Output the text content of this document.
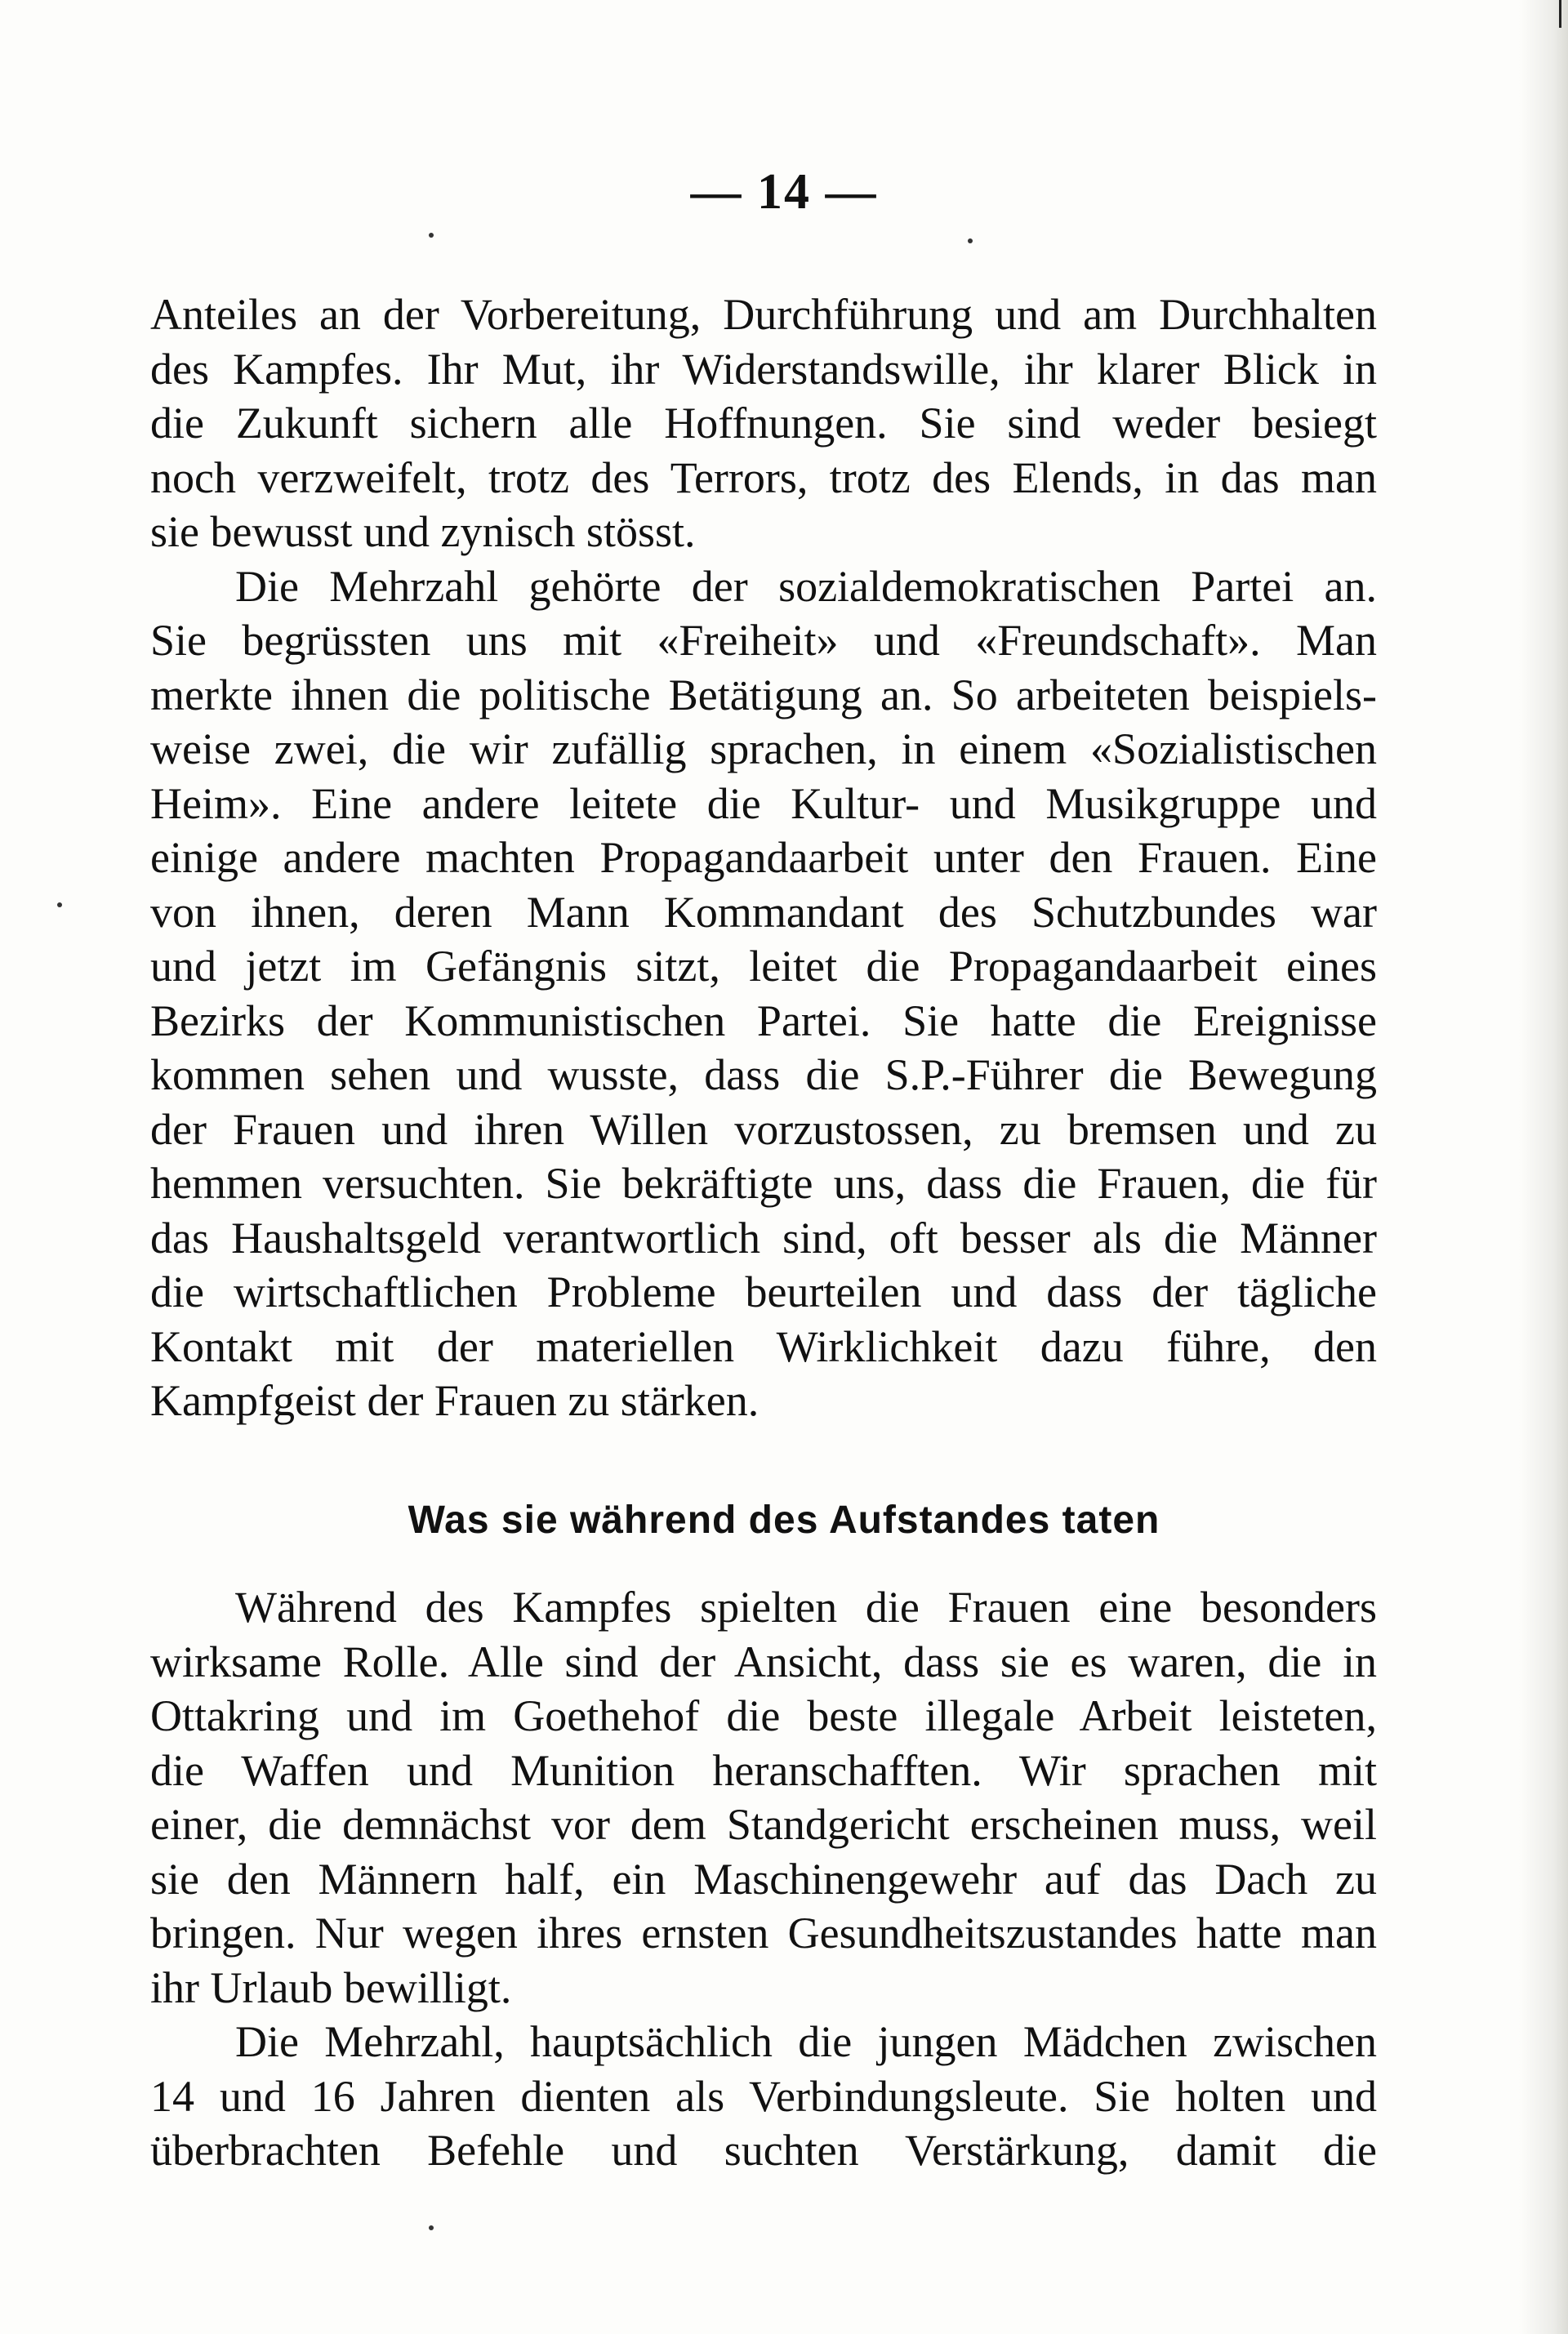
— 14 —

Anteiles an der Vorbereitung, Durchführung und am Durchhalten
des Kampfes. Ihr Mut, ihr Widerstandswille, ihr klarer Blick in
die Zukunft sichern alle Hoffnungen. Sie sind weder besiegt
noch verzweifelt, trotz des Terrors, trotz des Elends, in das man
sie bewusst und zynisch stösst.

Die Mehrzahl gehörte der sozialdemokratischen Partei an.
Sie begrüssten uns mit «Freiheit» und «Freundschaft». Man
merkte ihnen die politische Betätigung an. So arbeiteten beispiels-
weise zwei, die wir zufällig sprachen, in einem «Sozialistischen
Heim». Eine andere leitete die Kultur- und Musikgruppe und
einige andere machten Propagandaarbeit unter den Frauen. Eine
von ihnen, deren Mann Kommandant des Schutzbundes war
und jetzt im Gefängnis sitzt, leitet die Propagandaarbeit eines
Bezirks der Kommunistischen Partei. Sie hatte die Ereignisse
kommen sehen und wusste, dass die S.P.-Führer die Bewegung
der Frauen und ihren Willen vorzustossen, zu bremsen und zu
hemmen versuchten. Sie bekräftigte uns, dass die Frauen, die für
das Haushaltsgeld verantwortlich sind, oft besser als die Männer
die wirtschaftlichen Probleme beurteilen und dass der tägliche
Kontakt mit der materiellen Wirklichkeit dazu führe, den
Kampfgeist der Frauen zu stärken.

Was sie während des Aufstandes taten

Während des Kampfes spielten die Frauen eine besonders
wirksame Rolle. Alle sind der Ansicht, dass sie es waren, die in
Ottakring und im Goethehof die beste illegale Arbeit leisteten,
die Waffen und Munition heranschafften. Wir sprachen mit
einer, die demnächst vor dem Standgericht erscheinen muss, weil
sie den Männern half, ein Maschinengewehr auf das Dach zu
bringen. Nur wegen ihres ernsten Gesundheitszustandes hatte man
ihr Urlaub bewilligt.

Die Mehrzahl, hauptsächlich die jungen Mädchen zwischen
14 und 16 Jahren dienten als Verbindungsleute. Sie holten und
überbrachten Befehle und suchten Verstärkung, damit die
